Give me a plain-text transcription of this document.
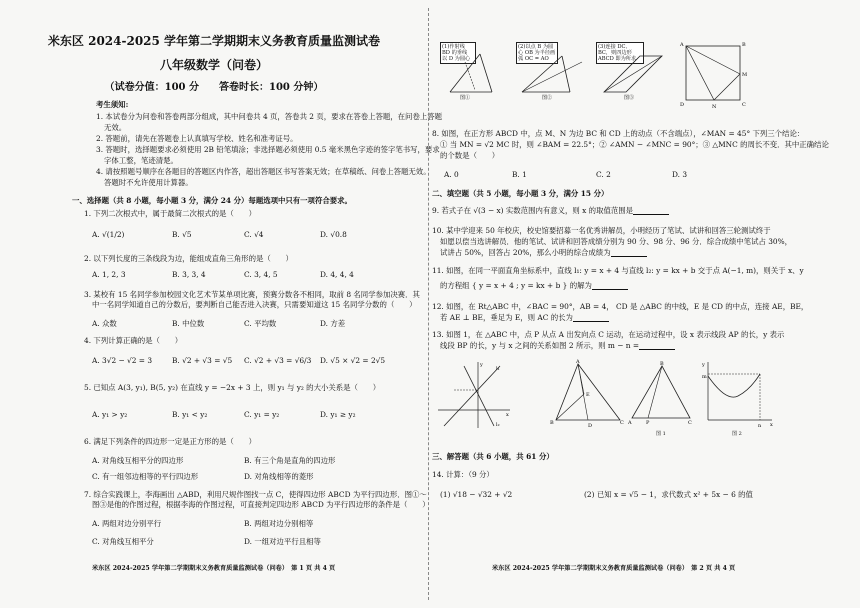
米东区 2024-2025 学年第二学期期末义务教育质量监测试卷
八年级数学（问卷）
（试卷分值：100 分　　答卷时长：100 分钟）
考生须知:
1. 本试卷分为问卷和答卷两部分组成，其中问卷共 4 页，答卷共 2 页，要求在答卷上答题，在问卷上答题
无效。
2. 答题前，请先在答题卷上认真填写学校、姓名和准考证号。
3. 答题时，选择题要求必须使用 2B 铅笔填涂；非选择题必须使用 0.5 毫米黑色字迹的签字笔书写，要求
字体工整，笔迹清楚。
4. 请按照题号顺序在各题目的答题区内作答，超出答题区书写答案无效；在草稿纸、问卷上答题无效。
答题时不允许使用计算器。
一、选择题（共 8 小题，每小题 3 分，满分 24 分）每题选项中只有一项符合要求。
1. 下列二次根式中，属于最简二次根式的是（　　）
A. √(1/2)	B. √5	C. √4	D. √0.8
2. 以下列长度的三条线段为边，能组成直角三角形的是（　　）
A. 1, 2, 3	B. 3, 3, 4	C. 3, 4, 5	D. 4, 4, 4
3. 某校有 15 名同学参加校园文化艺术节某单项比赛，预赛分数各不相同，取前 8 名同学参加决赛．其
中一名同学知道自己的分数后，要判断自己能否进入决赛，只需要知道这 15 名同学分数的（　　）
A. 众数	B. 中位数	C. 平均数	D. 方差
4. 下列计算正确的是（　　）
A. 3√2 − √2 = 3	B. √2 + √3 = √5 C. √2 + √3 = √6/3 D. √5 × √2 = 2√5
5. 已知点 A(3, y₁), B(5, y₂) 在直线 y = −2x + 3 上，则 y₁ 与 y₂ 的大小关系是（　　）
A. y₁ > y₂	B. y₁ < y₂	C. y₁ = y₂	D. y₁ ≥ y₂
6. 满足下列条件的四边形一定是正方形的是（　　）
A. 对角线互相平分的四边形	B. 有三个角是直角的四边形
C. 有一组邻边相等的平行四边形	D. 对角线相等的菱形
7. 综合实践课上，李海画出 △ABD，利用尺规作图找一点 C，使得四边形 ABCD 为平行四边形．图①～
图③是他的作图过程，根据李海的作图过程，可直接判定四边形 ABCD 为平行四边形的条件是（　　）
A. 两组对边分别平行	B. 两组对边分别相等
C. 对角线互相平分	D. 一组对边平行且相等
米东区 2024-2025 学年第二学期期末义务教育质量监测试卷（问卷）　第 1 页 共 4 页
(1)作射线 BD 的垂线 以 D 为圆心
图①
(2)以点 B 为圆心 OB 为半径画弧 OC = AO
图②
(3)连接 DC、BC，则四边形 ABCD 即为所求
图③
A	B
M
C
N
D
8. 如图，在正方形 ABCD 中，点 M、N 为边 BC 和 CD 上的动点（不含端点），∠MAN = 45° 下列三个结论：
① 当 MN = √2 MC 时，则 ∠BAM = 22.5°；② ∠AMN − ∠MNC = 90°；③ △MNC 的周长不变．其中正确结论
的个数是（　　）
A. 0	B. 1	C. 2	D. 3
二、填空题（共 5 小题，每小题 3 分，满分 15 分）
9. 若式子在 √(3 − x) 实数范围内有意义，则 x 的取值范围是
10. 某中学迎来 50 年校庆，校史馆要招募一名优秀讲解员，小明经历了笔试、试讲和回答三轮测试终于
如愿以偿当选讲解员．他的笔试、试讲和回答成绩分别为 90 分、98 分、96 分．综合成绩中笔试占 30%，
试讲占 50%，回答占 20%，那么小明的综合成绩为
11. 如图，在同一平面直角坐标系中，直线 l₁: y = x + 4 与直线 l₂: y = kx + b 交于点 A(−1, m)，则关于 x、y
的方程组 { y = x + 4 ; y = kx + b } 的解为
12. 如图，在 Rt△ABC 中，∠BAC = 90°，AB = 4， CD 是 △ABC 的中线，E 是 CD 的中点，连接 AE，BE，
若 AE ⊥ BE，垂足为 E，则 AC 的长为
13. 如图 1，在 △ABC 中，点 P 从点 A 出发向点 C 运动，在运动过程中，设 x 表示线段 AP 的长，y 表示
线段 BP 的长，y 与 x 之间的关系如图 2 所示，则 m − n =
l₁
l₂
y
x
A
B	C
E
D
B
A	P	C
图 1
y
x
m
n
图 2
三、解答题（共 6 小题，共 61 分）
14. 计算：（9 分）
(1) √18 − √32 + √2	(2) 已知 x = √5 − 1，求代数式 x² + 5x − 6 的值
米东区 2024-2025 学年第二学期期末义务教育质量监测试卷（问卷）　第 2 页 共 4 页
